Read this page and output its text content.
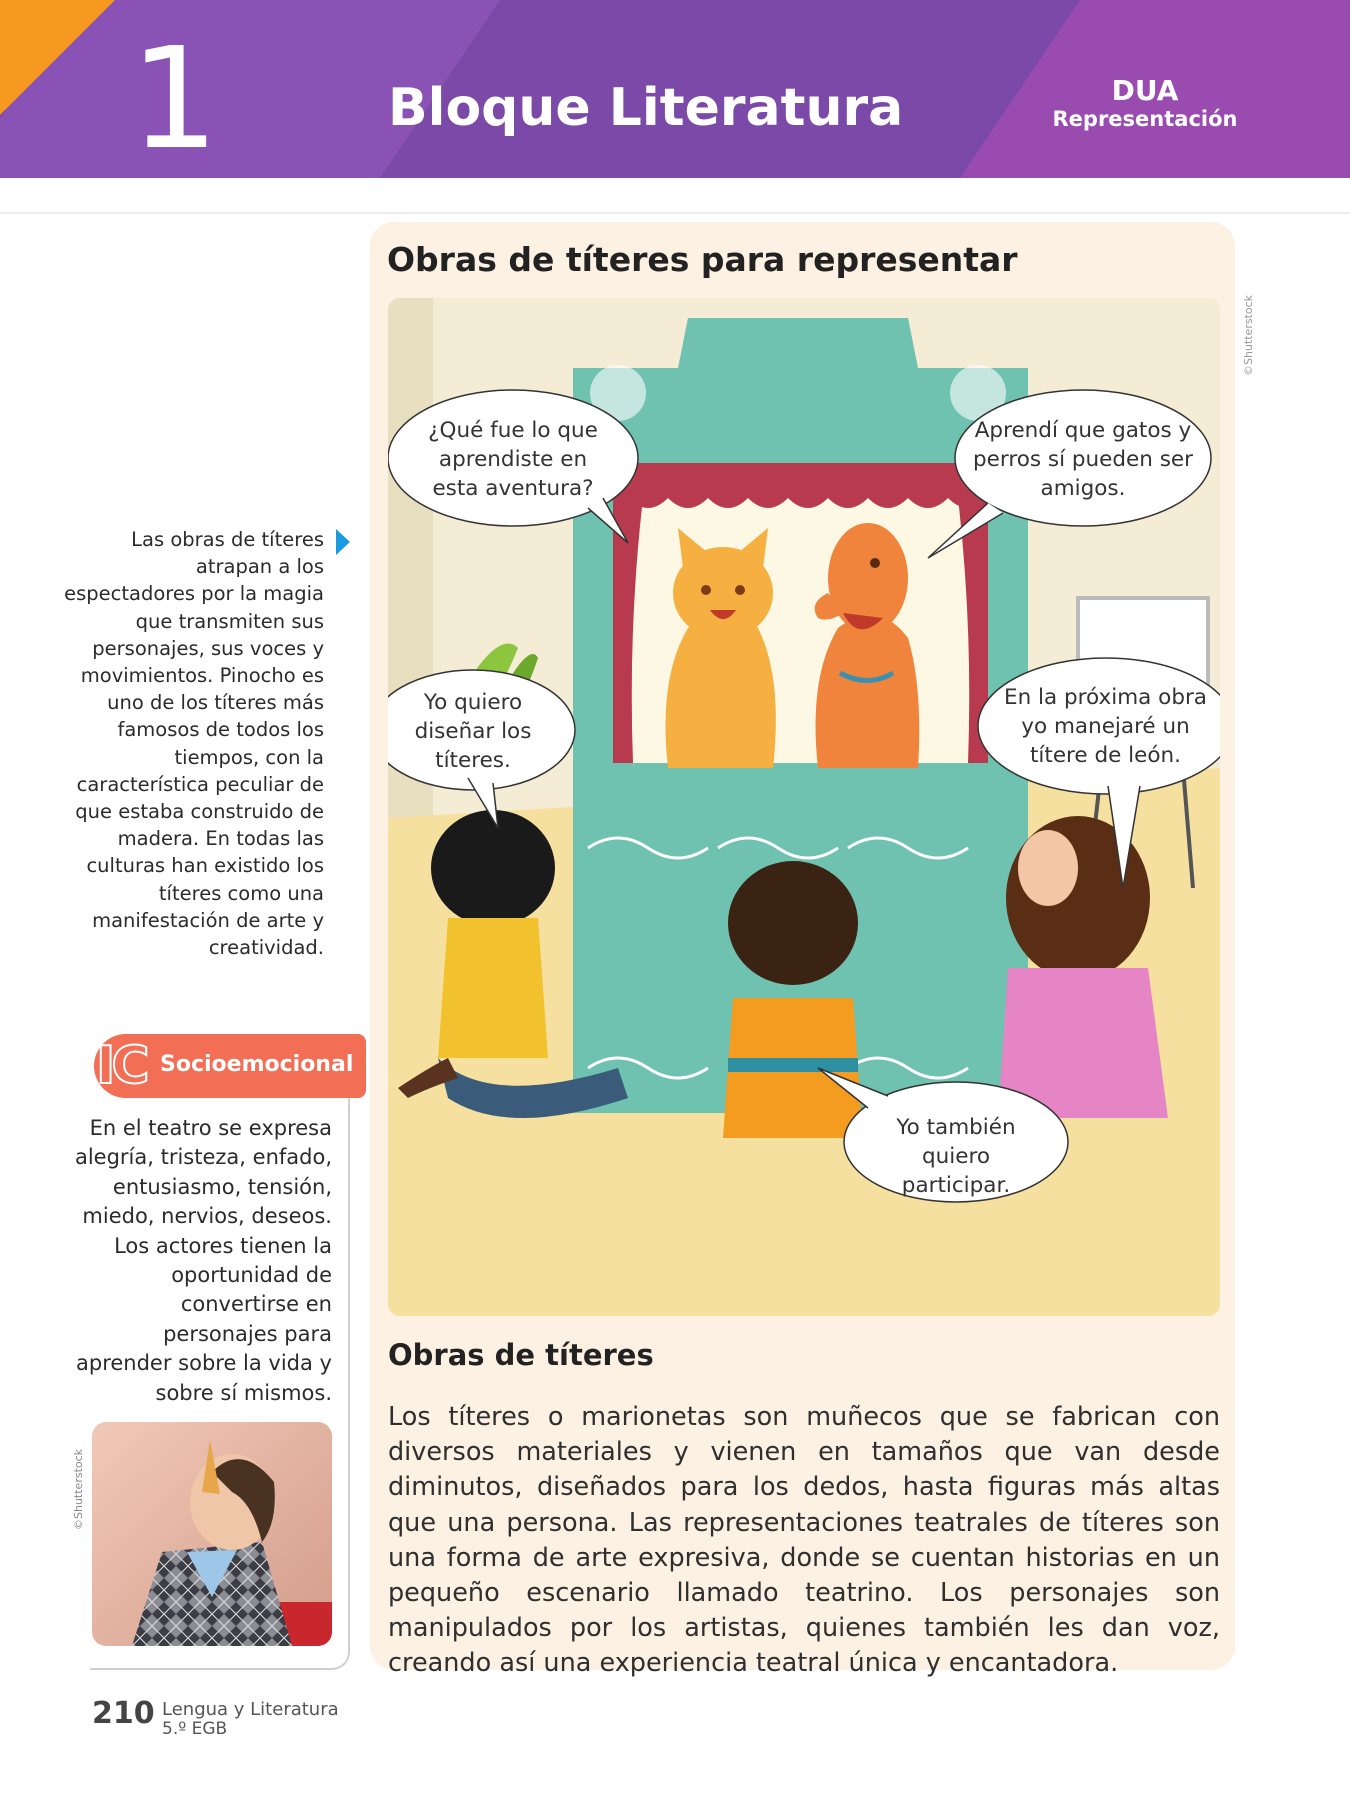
1	Bloque Literatura	DUA
Representación
Las obras de títeres atrapan a los espectadores por la magia que transmiten sus personajes, sus voces y movimientos. Pinocho es uno de los títeres más famosos de todos los tiempos, con la característica peculiar de que estaba construido de madera. En todas las culturas han existido los títeres como una manifestación de arte y creatividad.
IC Socioemocional
En el teatro se expresa alegría, tristeza, enfado, entusiasmo, tensión, miedo, nervios, deseos. Los actores tienen la oportunidad de convertirse en personajes para aprender sobre la vida y sobre sí mismos.
©Shutterstock
Obras de títeres para representar
©Shutterstock
¿Qué fue lo que aprendiste en esta aventura?
Aprendí que gatos y perros sí pueden ser amigos.
Yo quiero diseñar los títeres.
En la próxima obra yo manejaré un títere de león.
Yo también quiero participar.
Obras de títeres
Los títeres o marionetas son muñecos que se fabrican con diversos materiales y vienen en tamaños que van desde diminutos, diseñados para los dedos, hasta figuras más altas que una persona. Las representaciones teatrales de títeres son una forma de arte expresiva, donde se cuentan historias en un pequeño escenario llamado teatrino. Los personajes son manipulados por los artistas, quienes también les dan voz, creando así una experiencia teatral única y encantadora.
210 Lengua y Literatura
5.º EGB
